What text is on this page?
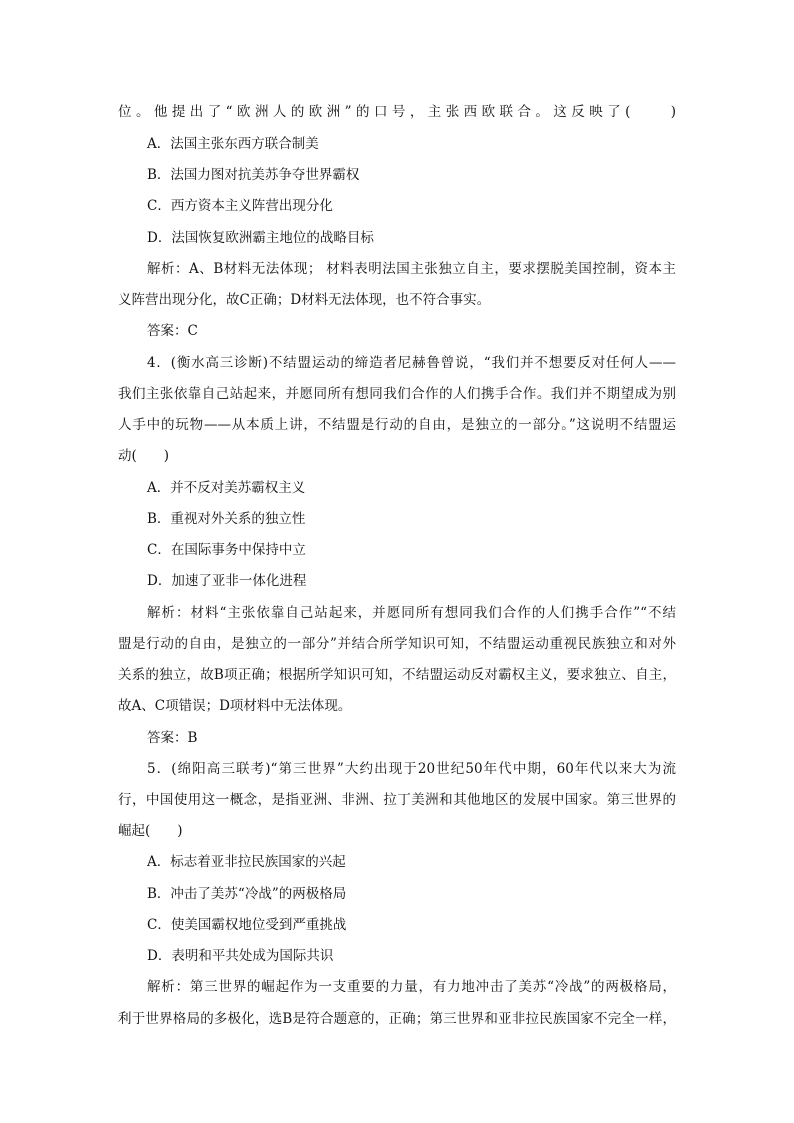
位。他提出了“欧洲人的欧洲”的口号，主张西欧联合。这反映了(　　)
A．法国主张东西方联合制美
B．法国力图对抗美苏争夺世界霸权
C．西方资本主义阵营出现分化
D．法国恢复欧洲霸主地位的战略目标
解析：A、B材料无法体现； 材料表明法国主张独立自主，要求摆脱美国控制，资本主
义阵营出现分化，故C正确；D材料无法体现，也不符合事实。
答案：C
4．(衡水高三诊断)不结盟运动的缔造者尼赫鲁曾说，“我们并不想要反对任何人——
我们主张依靠自己站起来，并愿同所有想同我们合作的人们携手合作。我们并不期望成为别
人手中的玩物——从本质上讲，不结盟是行动的自由，是独立的一部分。”这说明不结盟运
动(　　)
A．并不反对美苏霸权主义
B．重视对外关系的独立性
C．在国际事务中保持中立
D．加速了亚非一体化进程
解析：材料“主张依靠自己站起来，并愿同所有想同我们合作的人们携手合作”“不结
盟是行动的自由，是独立的一部分”并结合所学知识可知，不结盟运动重视民族独立和对外
关系的独立，故B项正确；根据所学知识可知，不结盟运动反对霸权主义，要求独立、自主，
故A、C项错误；D项材料中无法体现。
答案：B
5．(绵阳高三联考)“第三世界”大约出现于20世纪50年代中期，60年代以来大为流
行，中国使用这一概念，是指亚洲、非洲、拉丁美洲和其他地区的发展中国家。第三世界的
崛起(　　)
A．标志着亚非拉民族国家的兴起
B．冲击了美苏“冷战”的两极格局
C．使美国霸权地位受到严重挑战
D．表明和平共处成为国际共识
解析：第三世界的崛起作为一支重要的力量，有力地冲击了美苏“冷战”的两极格局，
利于世界格局的多极化，选B是符合题意的，正确；第三世界和亚非拉民族国家不完全一样，
